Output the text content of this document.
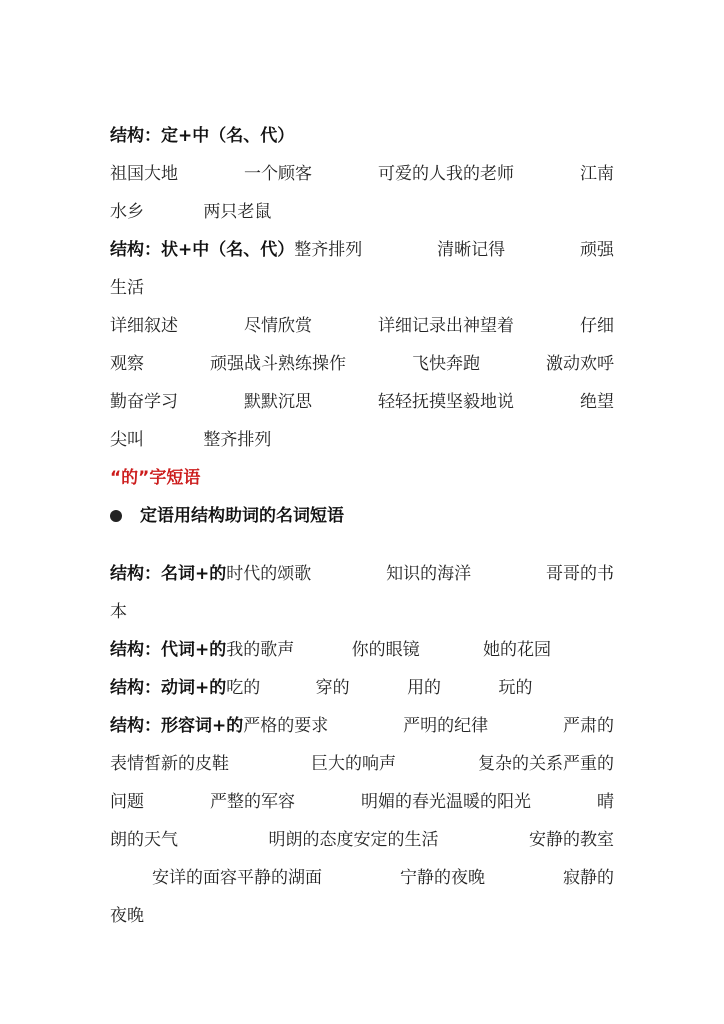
结构：定+中（名、代）
祖国大地	一个顾客	可爱的人我的老师	江南
水乡	两只老鼠
结构：状+中（名、代）整齐排列	清晰记得	顽强
生活
详细叙述	尽情欣赏	详细记录出神望着	仔细
观察	顽强战斗熟练操作	飞快奔跑	激动欢呼
勤奋学习	默默沉思	轻轻抚摸坚毅地说	绝望
尖叫	整齐排列
“的”字短语
定语用结构助词的名词短语
结构：名词+的时代的颂歌	知识的海洋	哥哥的书
本
结构：代词+的我的歌声	你的眼镜	她的花园
结构：动词+的吃的	穿的	用的	玩的
结构：形容词+的严格的要求	严明的纪律	严肃的
表情皙新的皮鞋	巨大的响声	复杂的关系严重的
问题	严整的军容	明媚的春光温暖的阳光	晴
朗的天气	明朗的态度安定的生活	安静的教室
安详的面容平静的湖面	宁静的夜晚	寂静的
夜晚
